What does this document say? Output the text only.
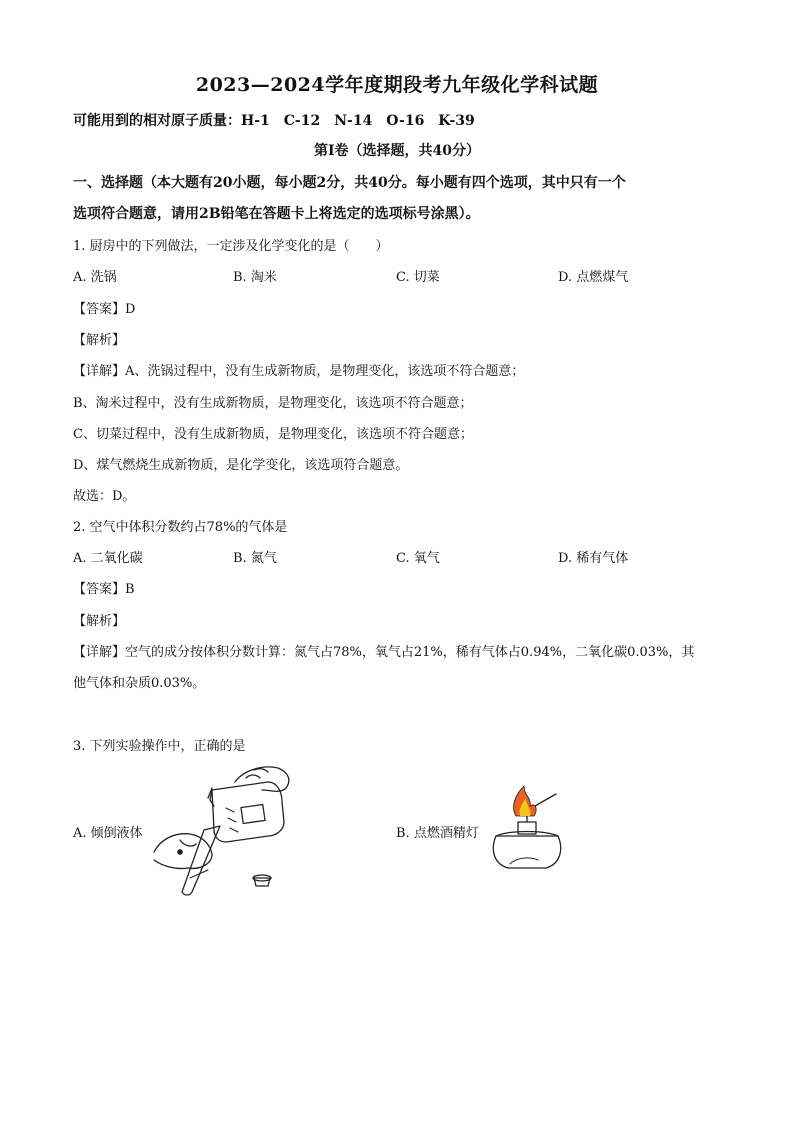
2023—2024学年度期段考九年级化学科试题
可能用到的相对原子质量：H-1　C-12　N-14　O-16　K-39
第I卷（选择题，共40分）
一、选择题（本大题有20小题，每小题2分，共40分。每小题有四个选项，其中只有一个
选项符合题意，请用2B铅笔在答题卡上将选定的选项标号涂黑）。
1. 厨房中的下列做法，一定涉及化学变化的是（　　）
A. 洗锅	B. 淘米	C. 切菜	D. 点燃煤气
【答案】D
【解析】
【详解】A、洗锅过程中，没有生成新物质，是物理变化，该选项不符合题意；
B、淘米过程中，没有生成新物质，是物理变化，该选项不符合题意；
C、切菜过程中，没有生成新物质，是物理变化，该选项不符合题意；
D、煤气燃烧生成新物质，是化学变化，该选项符合题意。
故选：D。
2. 空气中体积分数约占78%的气体是
A. 二氧化碳	B. 氮气	C. 氧气	D. 稀有气体
【答案】B
【解析】
【详解】空气的成分按体积分数计算：氮气占78%，氧气占21%，稀有气体占0.94%，二氧化碳0.03%，其
他气体和杂质0.03%。
3. 下列实验操作中，正确的是
A. 倾倒液体	B. 点燃酒精灯
